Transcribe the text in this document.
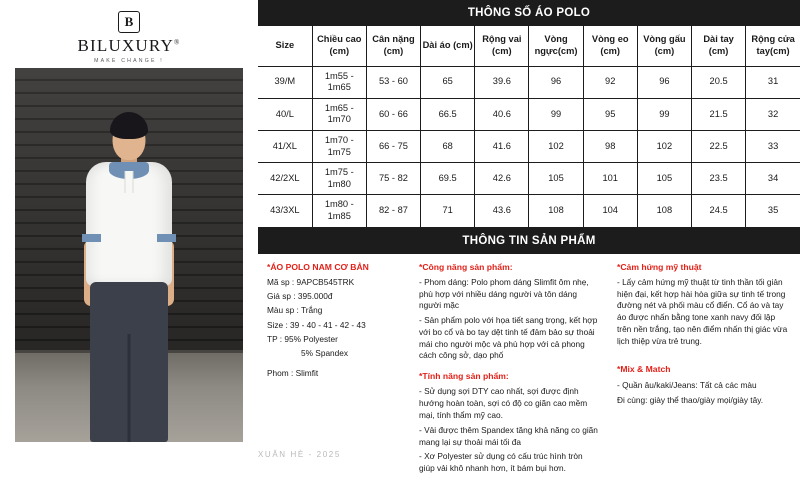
B
BILUXURY®
MAKE CHANGE !
XUÂN HÈ - 2025
THÔNG SỐ ÁO POLO
Size	Chiều cao (cm)	Cân nặng (cm)	Dài áo (cm)	Rộng vai (cm)	Vòng ngực(cm)	Vòng eo (cm)	Vòng gấu (cm)	Dài tay (cm)	Rộng cửa tay(cm)
39/M	1m55 - 1m65	53 - 60	65	39.6	96	92	96	20.5	31
40/L	1m65 - 1m70	60 - 66	66.5	40.6	99	95	99	21.5	32
41/XL	1m70 - 1m75	66 - 75	68	41.6	102	98	102	22.5	33
42/2XL	1m75 - 1m80	75 - 82	69.5	42.6	105	101	105	23.5	34
43/3XL	1m80 - 1m85	82 - 87	71	43.6	108	104	108	24.5	35
THÔNG TIN SẢN PHẨM

*ÁO POLO NAM CƠ BẢN

Mã sp : 9APCB545TRK

Giá sp : 395.000đ

Màu sp : Trắng

Size : 39 - 40 - 41 - 42 - 43

TP : 95% Polyester

5% Spandex

Phom : Slimfit

*Công năng sản phẩm:

- Phom dáng: Polo phom dáng Slimfit ôm nhẹ, phù hợp với nhiều dáng người và tôn dáng người mặc

- Sản phẩm polo với họa tiết sang trọng, kết hợp với bo cổ và bo tay dệt tinh tế đảm bảo sự thoải mái cho người mộc và phù hợp với cả phong cách công sở, dạo phố

*Tính năng sản phẩm:

- Sử dụng sợi DTY cao nhất, sợi được định hướng hoàn toàn, sợi có độ co giãn cao mềm mại, tính thẩm mỹ cao.

- Vải được thêm Spandex tăng khả năng co giãn mang lại sự thoải mái tối đa

- Xơ Polyester sử dụng có cấu trúc hình tròn giúp vải khô nhanh hơn, ít bám bụi hơn.

*Cảm hứng mỹ thuật

- Lấy cảm hứng mỹ thuật từ tinh thần tối giản hiện đại, kết hợp hài hòa giữa sự tinh tế trong đường nét và phối màu cổ điển. Cổ áo và tay áo được nhấn bằng tone xanh navy đối lập trên nền trắng, tạo nên điểm nhấn thị giác vừa lịch thiệp vừa trẻ trung.

*Mix & Match

- Quần âu/kaki/Jeans: Tất cả các màu

Đi cùng: giày thể thao/giày mọi/giày tây.
